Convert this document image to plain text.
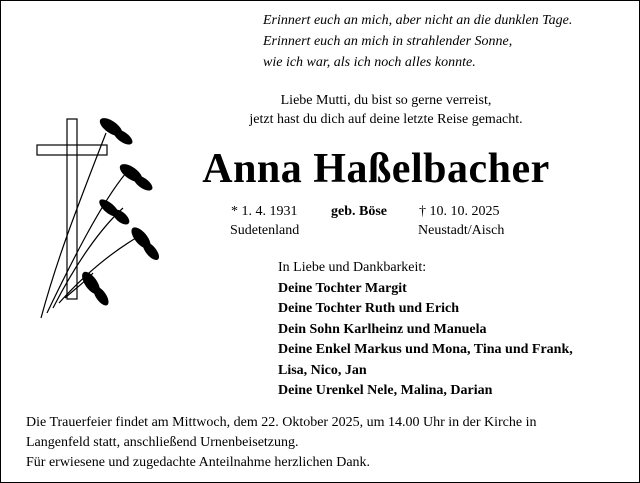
Erinnert euch an mich, aber nicht an die dunklen Tage.
Erinnert euch an mich in strahlender Sonne,
wie ich war, als ich noch alles konnte.
Liebe Mutti, du bist so gerne verreist,
jetzt hast du dich auf deine letzte Reise gemacht.
Anna Haßelbacher
* 1. 4. 1931 geb. Böse † 10. 10. 2025
Sudetenland	Neustadt/Aisch
In Liebe und Dankbarkeit:
Deine Tochter Margit
Deine Tochter Ruth und Erich
Dein Sohn Karlheinz und Manuela
Deine Enkel Markus und Mona, Tina und Frank,
Lisa, Nico, Jan
Deine Urenkel Nele, Malina, Darian
Die Trauerfeier findet am Mittwoch, dem 22. Oktober 2025, um 14.00 Uhr in der Kirche in
Langenfeld statt, anschließend Urnenbeisetzung.
Für erwiesene und zugedachte Anteilnahme herzlichen Dank.
